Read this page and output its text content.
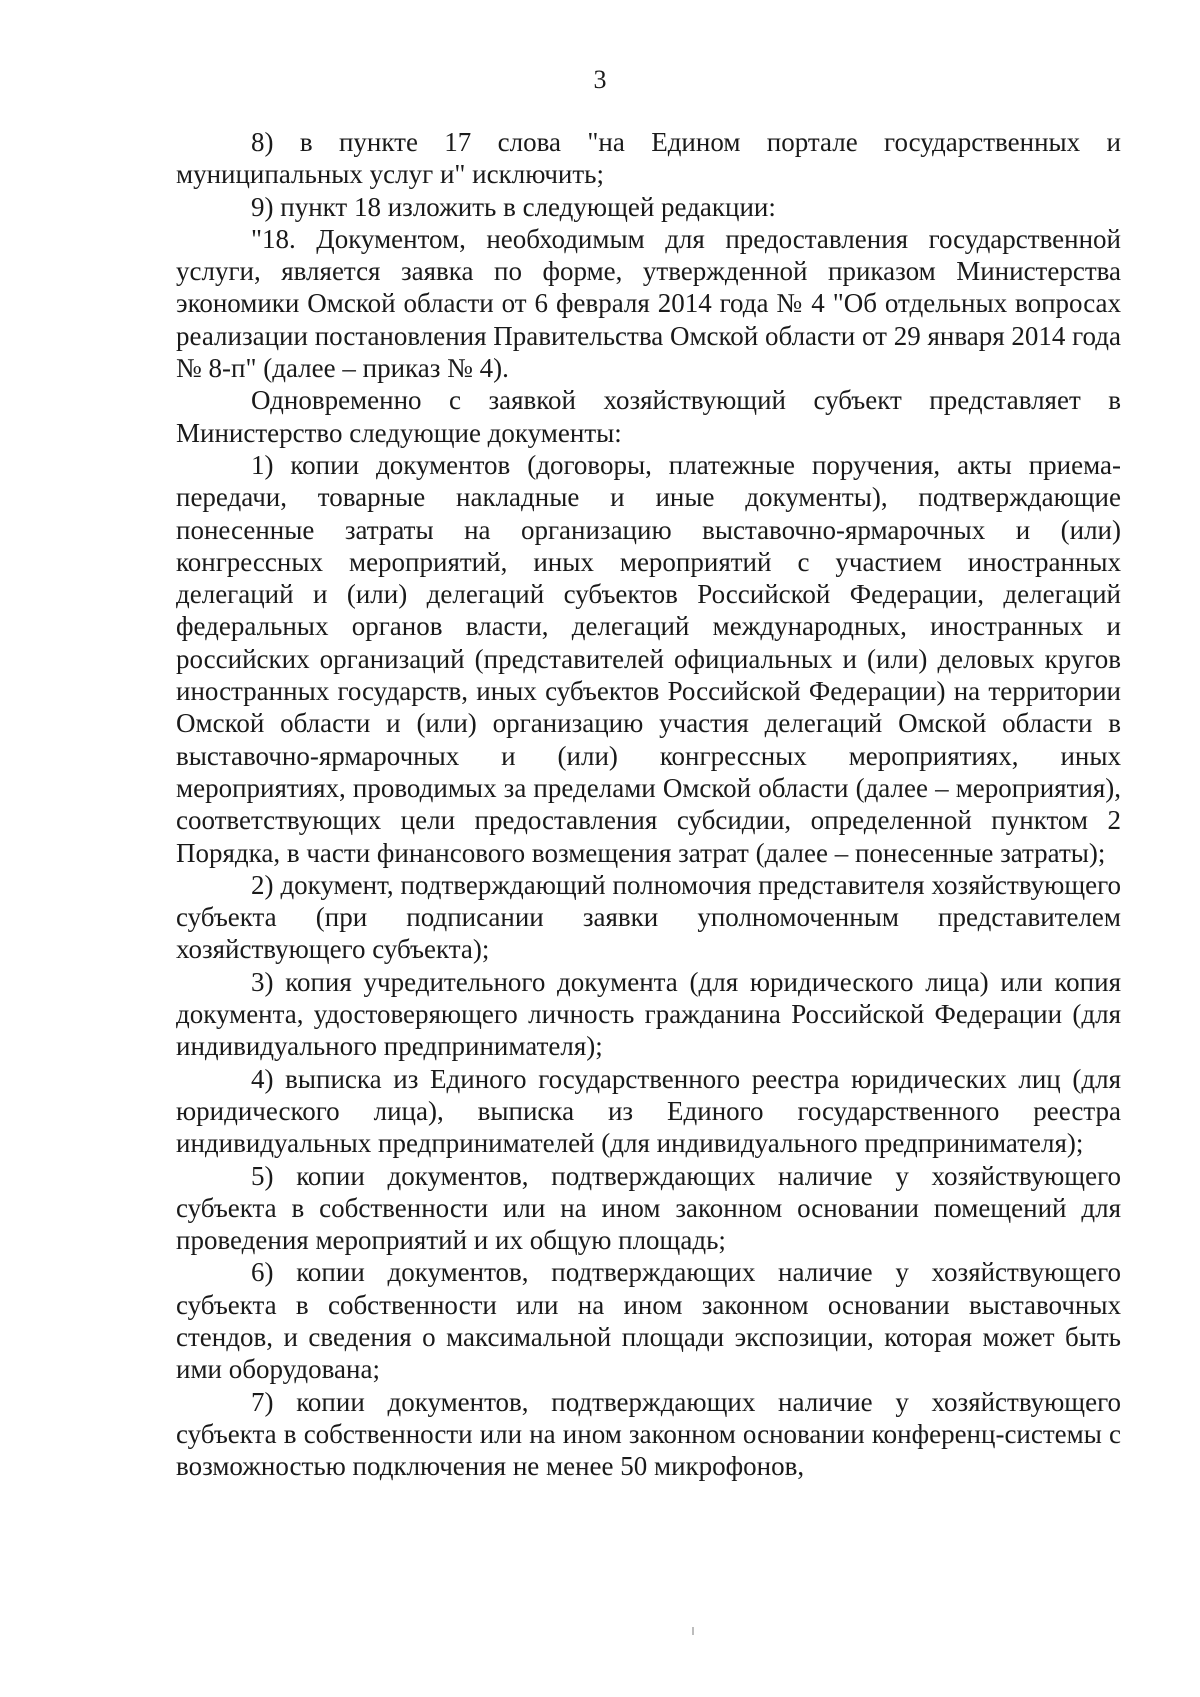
3

8) в пункте 17 слова "на Едином портале государственных и муниципальных услуг и" исключить;

9) пункт 18 изложить в следующей редакции:

"18. Документом, необходимым для предоставления государственной услуги, является заявка по форме, утвержденной приказом Министерства экономики Омской области от 6 февраля 2014 года № 4 "Об отдельных вопросах реализации постановления Правительства Омской области от 29 января 2014 года № 8-п" (далее – приказ № 4).

Одновременно с заявкой хозяйствующий субъект представляет в Министерство следующие документы:

1) копии документов (договоры, платежные поручения, акты приема-передачи, товарные накладные и иные документы), подтверждающие понесенные затраты на организацию выставочно-ярмарочных и (или) конгрессных мероприятий, иных мероприятий с участием иностранных делегаций и (или) делегаций субъектов Российской Федерации, делегаций федеральных органов власти, делегаций международных, иностранных и российских организаций (представителей официальных и (или) деловых кругов иностранных государств, иных субъектов Российской Федерации) на территории Омской области и (или) организацию участия делегаций Омской области в выставочно-ярмарочных и (или) конгрессных мероприятиях, иных мероприятиях, проводимых за пределами Омской области (далее – мероприятия), соответствующих цели предоставления субсидии, определенной пунктом 2 Порядка, в части финансового возмещения затрат (далее – понесенные затраты);

2) документ, подтверждающий полномочия представителя хозяйствующего субъекта (при подписании заявки уполномоченным представителем хозяйствующего субъекта);

3) копия учредительного документа (для юридического лица) или копия документа, удостоверяющего личность гражданина Российской Федерации (для индивидуального предпринимателя);

4) выписка из Единого государственного реестра юридических лиц (для юридического лица), выписка из Единого государственного реестра индивидуальных предпринимателей (для индивидуального предпринимателя);

5) копии документов, подтверждающих наличие у хозяйствующего субъекта в собственности или на ином законном основании помещений для проведения мероприятий и их общую площадь;

6) копии документов, подтверждающих наличие у хозяйствующего субъекта в собственности или на ином законном основании выставочных стендов, и сведения о максимальной площади экспозиции, которая может быть ими оборудована;

7) копии документов, подтверждающих наличие у хозяйствующего субъекта в собственности или на ином законном основании конференц-системы с возможностью подключения не менее 50 микрофонов,
